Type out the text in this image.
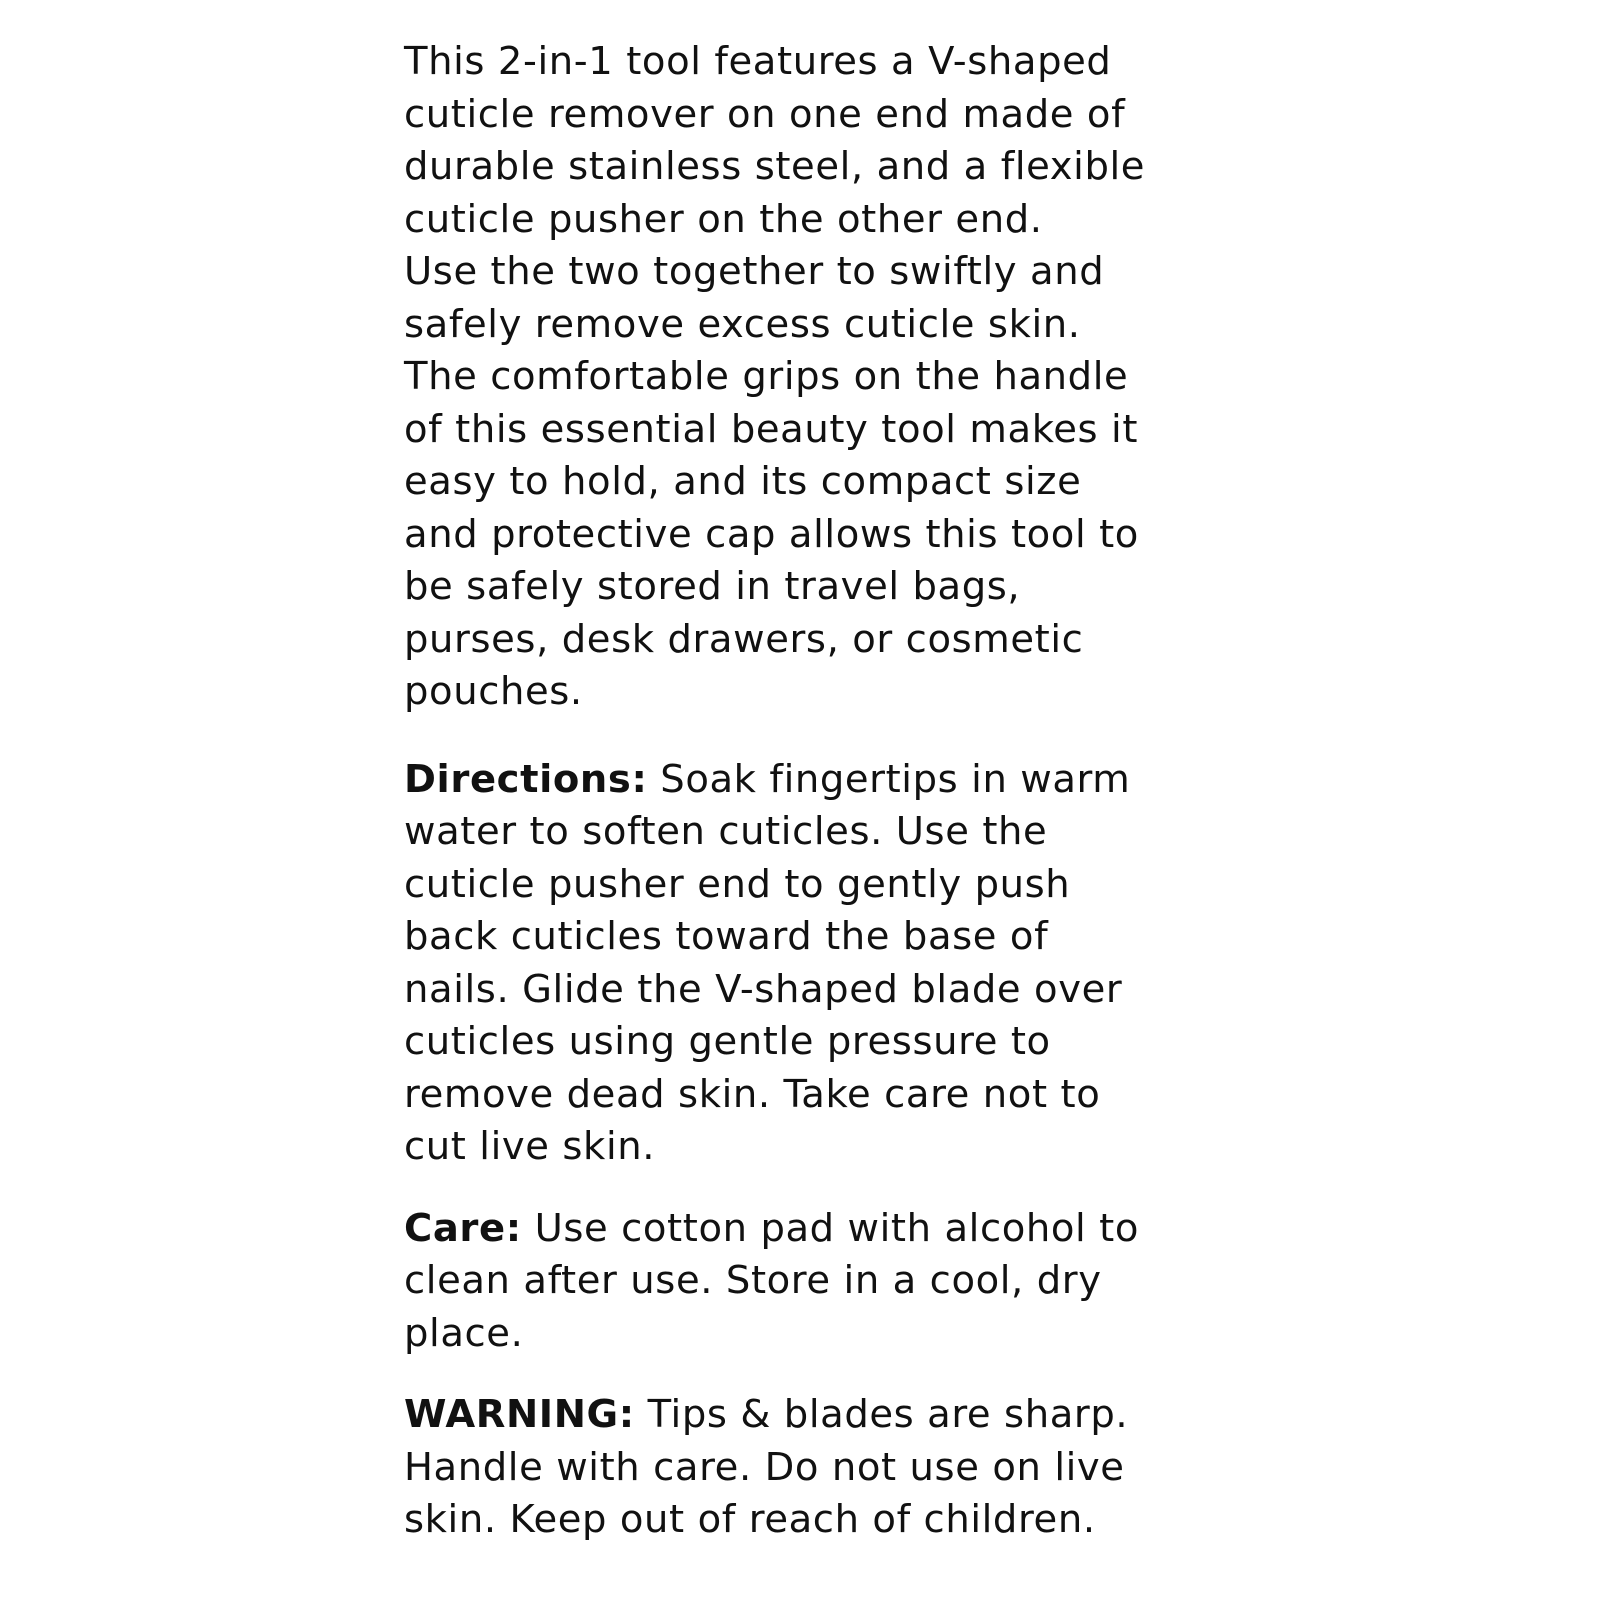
This 2-in-1 tool features a V-shaped
cuticle remover on one end made of
durable stainless steel, and a flexible
cuticle pusher on the other end.
Use the two together to swiftly and
safely remove excess cuticle skin.
The comfortable grips on the handle
of this essential beauty tool makes it
easy to hold, and its compact size
and protective cap allows this tool to
be safely stored in travel bags,
purses, desk drawers, or cosmetic
pouches.
Directions: Soak fingertips in warm
water to soften cuticles. Use the
cuticle pusher end to gently push
back cuticles toward the base of
nails. Glide the V-shaped blade over
cuticles using gentle pressure to
remove dead skin. Take care not to
cut live skin.
Care: Use cotton pad with alcohol to
clean after use. Store in a cool, dry
place.
WARNING: Tips & blades are sharp.
Handle with care. Do not use on live
skin. Keep out of reach of children.
